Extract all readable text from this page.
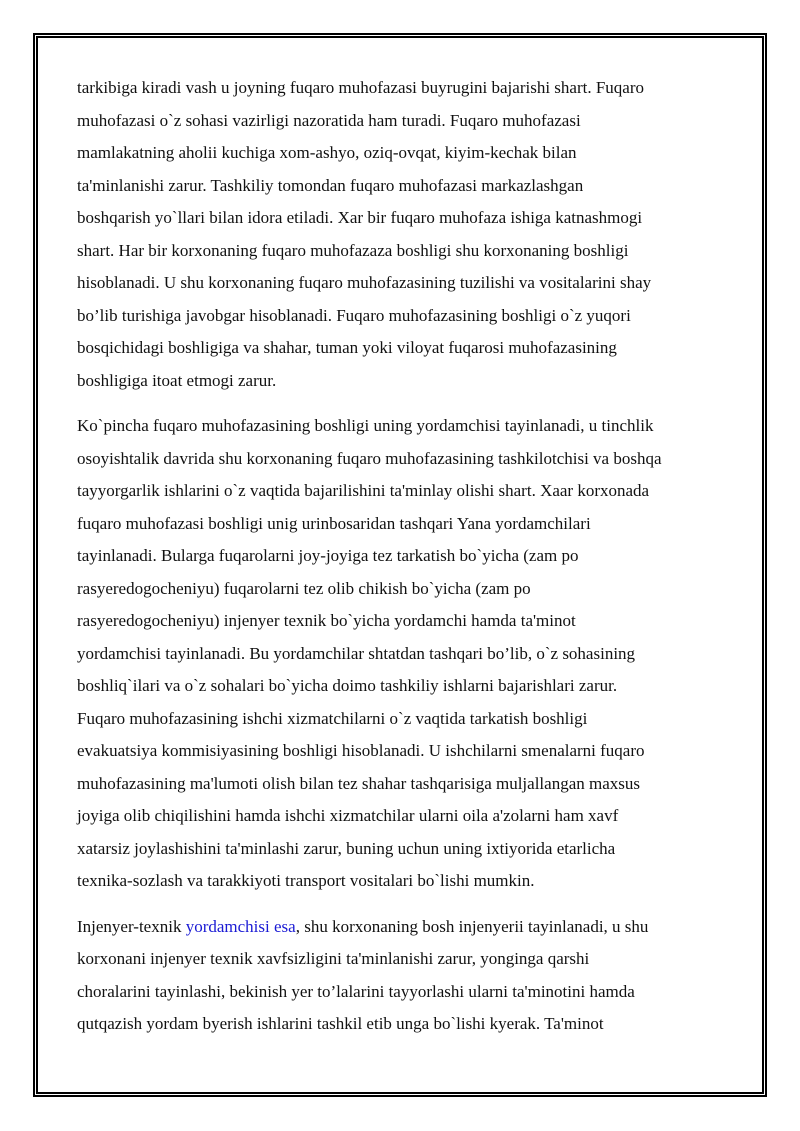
tarkibiga kiradi vash u joyning fuqaro muhofazasi buyrugini bajarishi shart. Fuqaro
muhofazasi o`z sohasi vazirligi nazoratida ham turadi. Fuqaro muhofazasi
mamlakatning aholii kuchiga xom-ashyo, oziq-ovqat, kiyim-kechak bilan
ta'minlanishi zarur. Tashkiliy tomondan fuqaro muhofazasi markazlashgan
boshqarish yo`llari bilan idora etiladi. Xar bir fuqaro muhofaza ishiga katnashmogi
shart. Har bir korxonaning fuqaro muhofazaza boshligi shu korxonaning boshligi
hisoblanadi. U shu korxonaning fuqaro muhofazasining tuzilishi va vositalarini shay
bo’lib turishiga javobgar hisoblanadi. Fuqaro muhofazasining boshligi o`z yuqori
bosqichidagi boshligiga va shahar, tuman yoki viloyat fuqarosi muhofazasining
boshligiga itoat etmogi zarur.

Ko`pincha fuqaro muhofazasining boshligi uning yordamchisi tayinlanadi, u tinchlik
osoyishtalik davrida shu korxonaning fuqaro muhofazasining tashkilotchisi va boshqa
tayyorgarlik ishlarini o`z vaqtida bajarilishini ta'minlay olishi shart. Xaar korxonada
fuqaro muhofazasi boshligi unig urinbosaridan tashqari Yana yordamchilari
tayinlanadi. Bularga fuqarolarni joy-joyiga tez tarkatish bo`yicha (zam po
rasyeredogocheniyu) fuqarolarni tez olib chikish bo`yicha (zam po
rasyeredogocheniyu) injenyer texnik bo`yicha yordamchi hamda ta'minot
yordamchisi tayinlanadi. Bu yordamchilar shtatdan tashqari bo’lib, o`z sohasining
boshliq`ilari va o`z sohalari bo`yicha doimo tashkiliy ishlarni bajarishlari zarur.
Fuqaro muhofazasining ishchi xizmatchilarni o`z vaqtida tarkatish boshligi
evakuatsiya kommisiyasining boshligi hisoblanadi. U ishchilarni smenalarni fuqaro
muhofazasining ma'lumoti olish bilan tez shahar tashqarisiga muljallangan maxsus
joyiga olib chiqilishini hamda ishchi xizmatchilar ularni oila a'zolarni ham xavf
xatarsiz joylashishini ta'minlashi zarur, buning uchun uning ixtiyorida etarlicha
texnika-sozlash va tarakkiyoti transport vositalari bo`lishi mumkin.

Injenyer-texnik yordamchisi esa, shu korxonaning bosh injenyerii tayinlanadi, u shu
korxonani injenyer texnik xavfsizligini ta'minlanishi zarur, yonginga qarshi
choralarini tayinlashi, bekinish yer to’lalarini tayyorlashi ularni ta'minotini hamda
qutqazish yordam byerish ishlarini tashkil etib unga bo`lishi kyerak. Ta'minot
